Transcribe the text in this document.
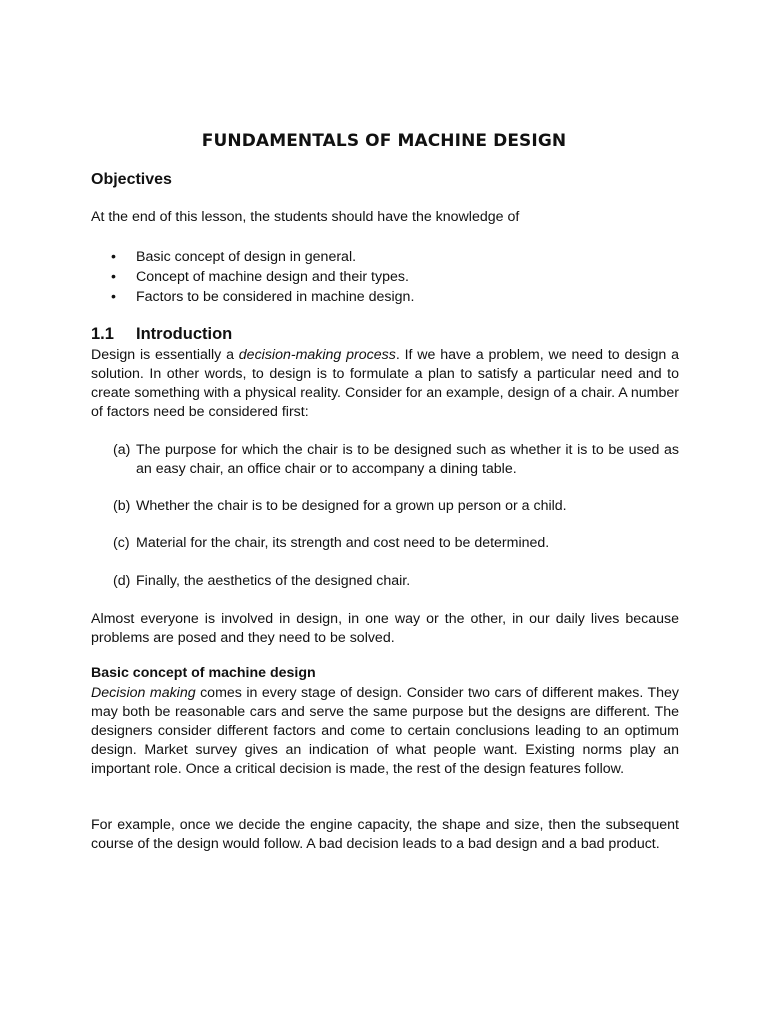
FUNDAMENTALS OF MACHINE DESIGN
Objectives

At the end of this lesson, the students should have the knowledge of

• Basic concept of design in general.
• Concept of machine design and their types.
• Factors to be considered in machine design.
1.1 Introduction

Design is essentially a decision-making process. If we have a problem, we need to design a solution. In other words, to design is to formulate a plan to satisfy a particular need and to create something with a physical reality. Consider for an example, design of a chair. A number of factors need be considered first:

(a) The purpose for which the chair is to be designed such as whether it is to be used as an easy chair, an office chair or to accompany a dining table.
(b) Whether the chair is to be designed for a grown up person or a child.
(c) Material for the chair, its strength and cost need to be determined.
(d) Finally, the aesthetics of the designed chair.

Almost everyone is involved in design, in one way or the other, in our daily lives because problems are posed and they need to be solved.

Basic concept of machine design

Decision making comes in every stage of design. Consider two cars of different makes. They may both be reasonable cars and serve the same purpose but the designs are different. The designers consider different factors and come to certain conclusions leading to an optimum design. Market survey gives an indication of what people want. Existing norms play an important role. Once a critical decision is made, the rest of the design features follow.

For example, once we decide the engine capacity, the shape and size, then the subsequent course of the design would follow. A bad decision leads to a bad design and a bad product.
